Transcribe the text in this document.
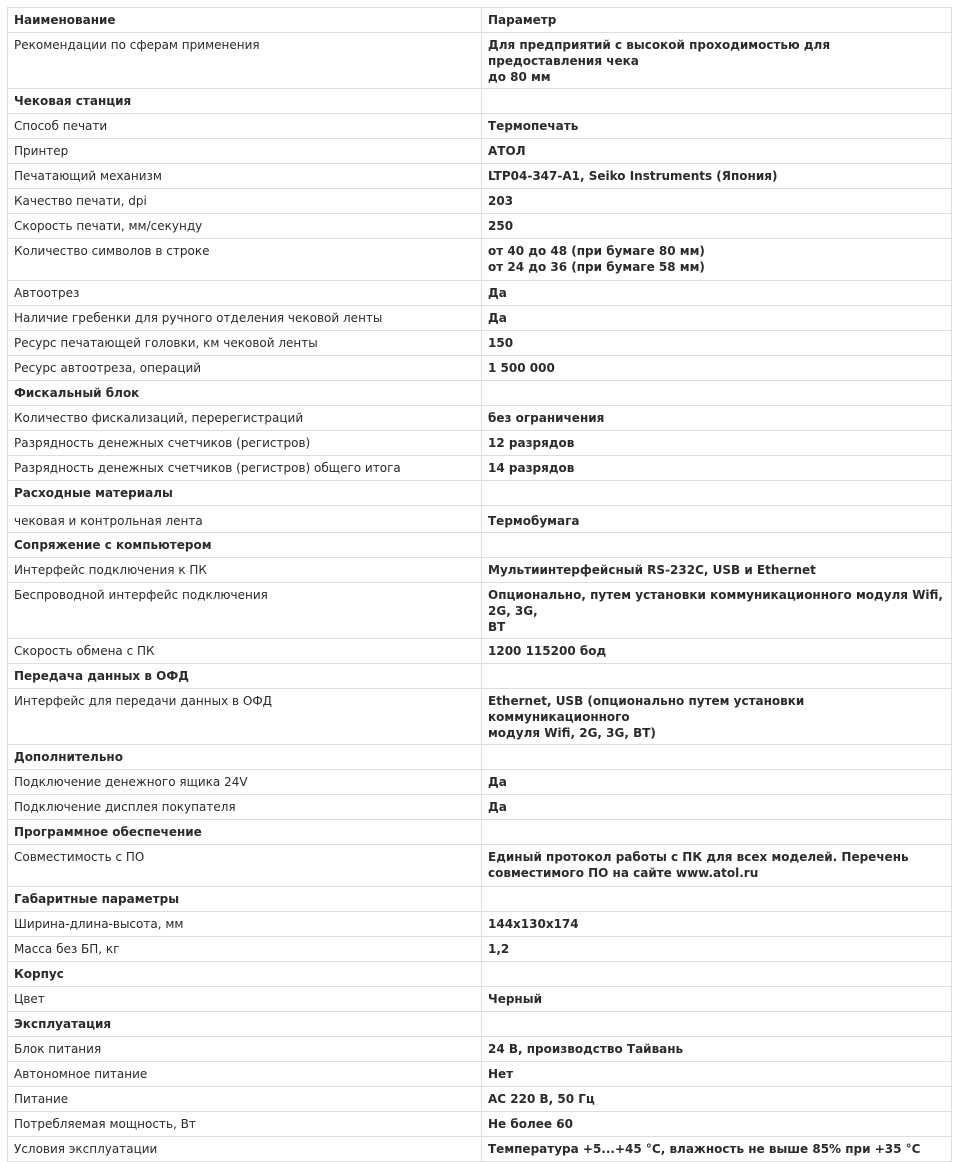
Наименование	Параметр
Рекомендации по сферам применения	Для предприятий с высокой проходимостью для предоставления чека
до 80 мм

Чековая станция	
Способ печати	Термопечать

Принтер	АТОЛ

Печатающий механизм	LTP04-347-A1, Seiko Instruments (Япония)

Качество печати, dpi	203

Скорость печати, мм/секунду	250

Количество символов в строке	от 40 до 48 (при бумаге 80 мм)
от 24 до 36 (при бумаге 58 мм)

Автоотрез	Да

Наличие гребенки для ручного отделения чековой ленты	Да

Ресурс печатающей головки, км чековой ленты	150

Ресурс автоотреза, операций	1 500 000

Фискальный блок	
Количество фискализаций, перерегистраций	без ограничения

Разрядность денежных счетчиков (регистров)	12 разрядов

Разрядность денежных счетчиков (регистров) общего итога	14 разрядов

Расходные материалы	
чековая и контрольная лента	Термобумага

Сопряжение с компьютером	
Интерфейс подключения к ПК	Мультиинтерфейсный RS-232C, USB и Ethernet

Беспроводной интерфейс подключения	Опционально, путем установки коммуникационного модуля Wifi, 2G, 3G,
BT

Скорость обмена с ПК	1200 115200 бод

Передача данных в ОФД	
Интерфейс для передачи данных в ОФД	Ethernet, USB (опционально путем установки коммуникационного
модуля Wifi, 2G, 3G, BT)

Дополнительно	
Подключение денежного ящика 24V	Да

Подключение дисплея покупателя	Да

Программное обеспечение	
Совместимость с ПО	Единый протокол работы с ПК для всех моделей. Перечень
совместимого ПО на сайте www.atol.ru

Габаритные параметры	
Ширина-длина-высота, мм	144х130х174

Масса без БП, кг	1,2

Корпус	
Цвет	Черный

Эксплуатация	
Блок питания	24 В, производство Тайвань

Автономное питание	Нет

Питание	АС 220 В, 50 Гц

Потребляемая мощность, Вт	Не более 60

Условия эксплуатации	Температура +5...+45 °С, влажность не выше 85% при +35 °С
